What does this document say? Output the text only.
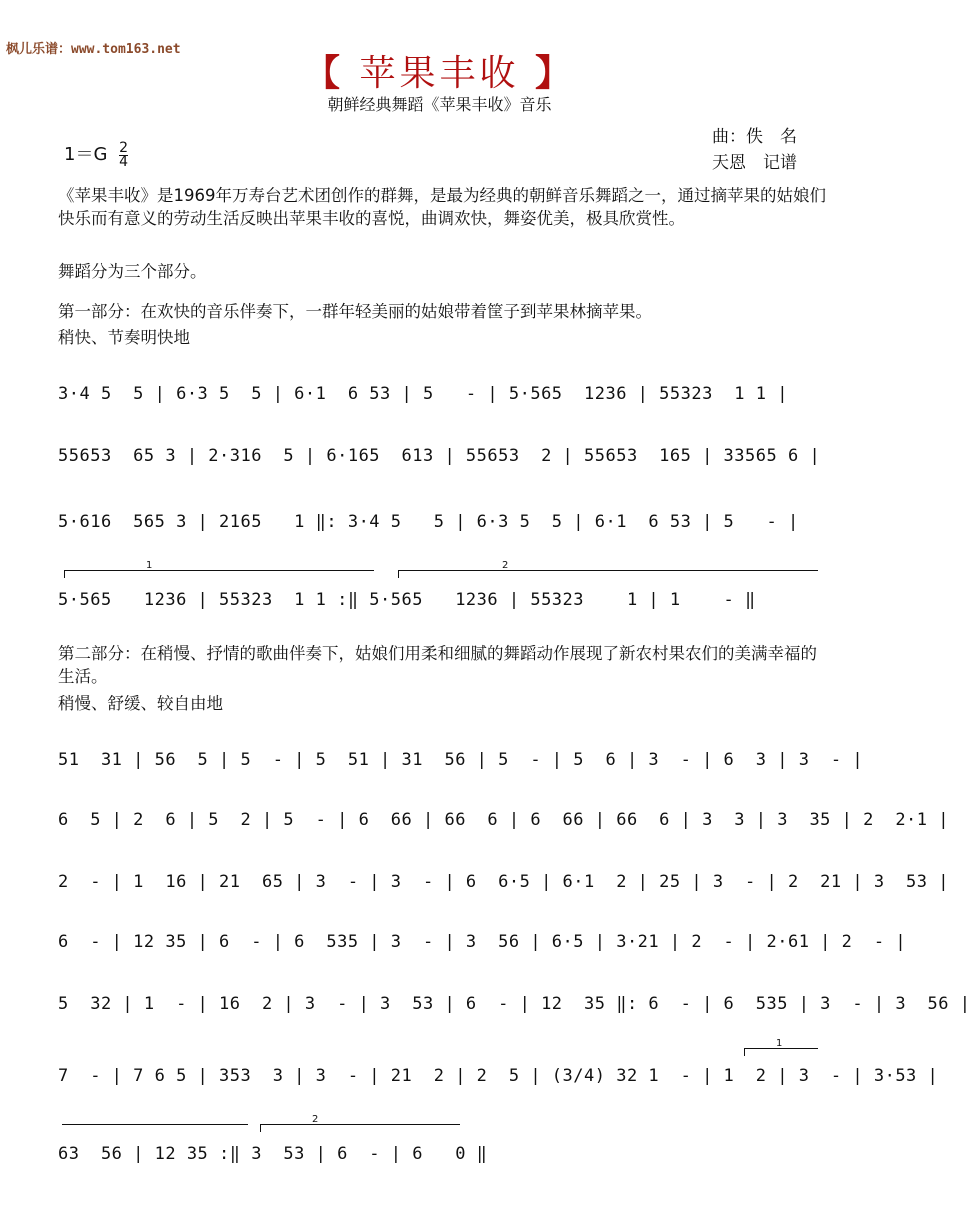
枫儿乐谱：www.tom163.net
【 苹果丰收 】
朝鲜经典舞蹈《苹果丰收》音乐
$1=G \frac{2}{4}$
曲：佚　名
天恩　记谱
《苹果丰收》是1969年万寿台艺术团创作的群舞，是最为经典的朝鲜音乐舞蹈之一，通过摘苹果的姑娘们快乐而有意义的劳动生活反映出苹果丰收的喜悦，曲调欢快，舞姿优美，极具欣赏性。
舞蹈分为三个部分。
第一部分：在欢快的音乐伴奏下，一群年轻美丽的姑娘带着筐子到苹果林摘苹果。
稍快、节奏明快地
3·4 5  5 | 6·3 5  5 | 6·1  6 53 | 5   - | 5·565  1236 | 55323  1 1 |
55653  65 3 | 2·316  5 | 6·165  613 | 55653  2 | 55653  165 | 33565 6 |
5·616  565 3 | 2165   1 ‖: 3·4 5   5 | 6·3 5  5 | 6·1  6 53 | 5   - |
1	2
5·565   1236 | 55323  1 1 :‖ 5·565   1236 | 55323    1 | 1    - ‖
第二部分：在稍慢、抒情的歌曲伴奏下，姑娘们用柔和细腻的舞蹈动作展现了新农村果农们的美满幸福的生活。
稍慢、舒缓、较自由地
51  31 | 56  5 | 5  - | 5  51 | 31  56 | 5  - | 5  6 | 3  - | 6  3 | 3  - |
6  5 | 2  6 | 5  2 | 5  - | 6  66 | 66  6 | 6  66 | 66  6 | 3  3 | 3  35 | 2  2·1 |
2  - | 1  16 | 21  65 | 3  - | 3  - | 6  6·5 | 6·1  2 | 25 | 3  - | 2  21 | 3  53 |
6  - | 12 35 | 6  - | 6  535 | 3  - | 3  56 | 6·5 | 3·21 | 2  - | 2·61 | 2  - |
5  32 | 1  - | 16  2 | 3  - | 3  53 | 6  - | 12  35 ‖: 6  - | 6  535 | 3  - | 3  56 |
1
7  - | 7 6 5 | 353  3 | 3  - | 21  2 | 2  5 | (3/4) 32 1  - | 1  2 | 3  - | 3·53 |
2
63  56 | 12 35 :‖ 3  53 | 6  - | 6   0 ‖
